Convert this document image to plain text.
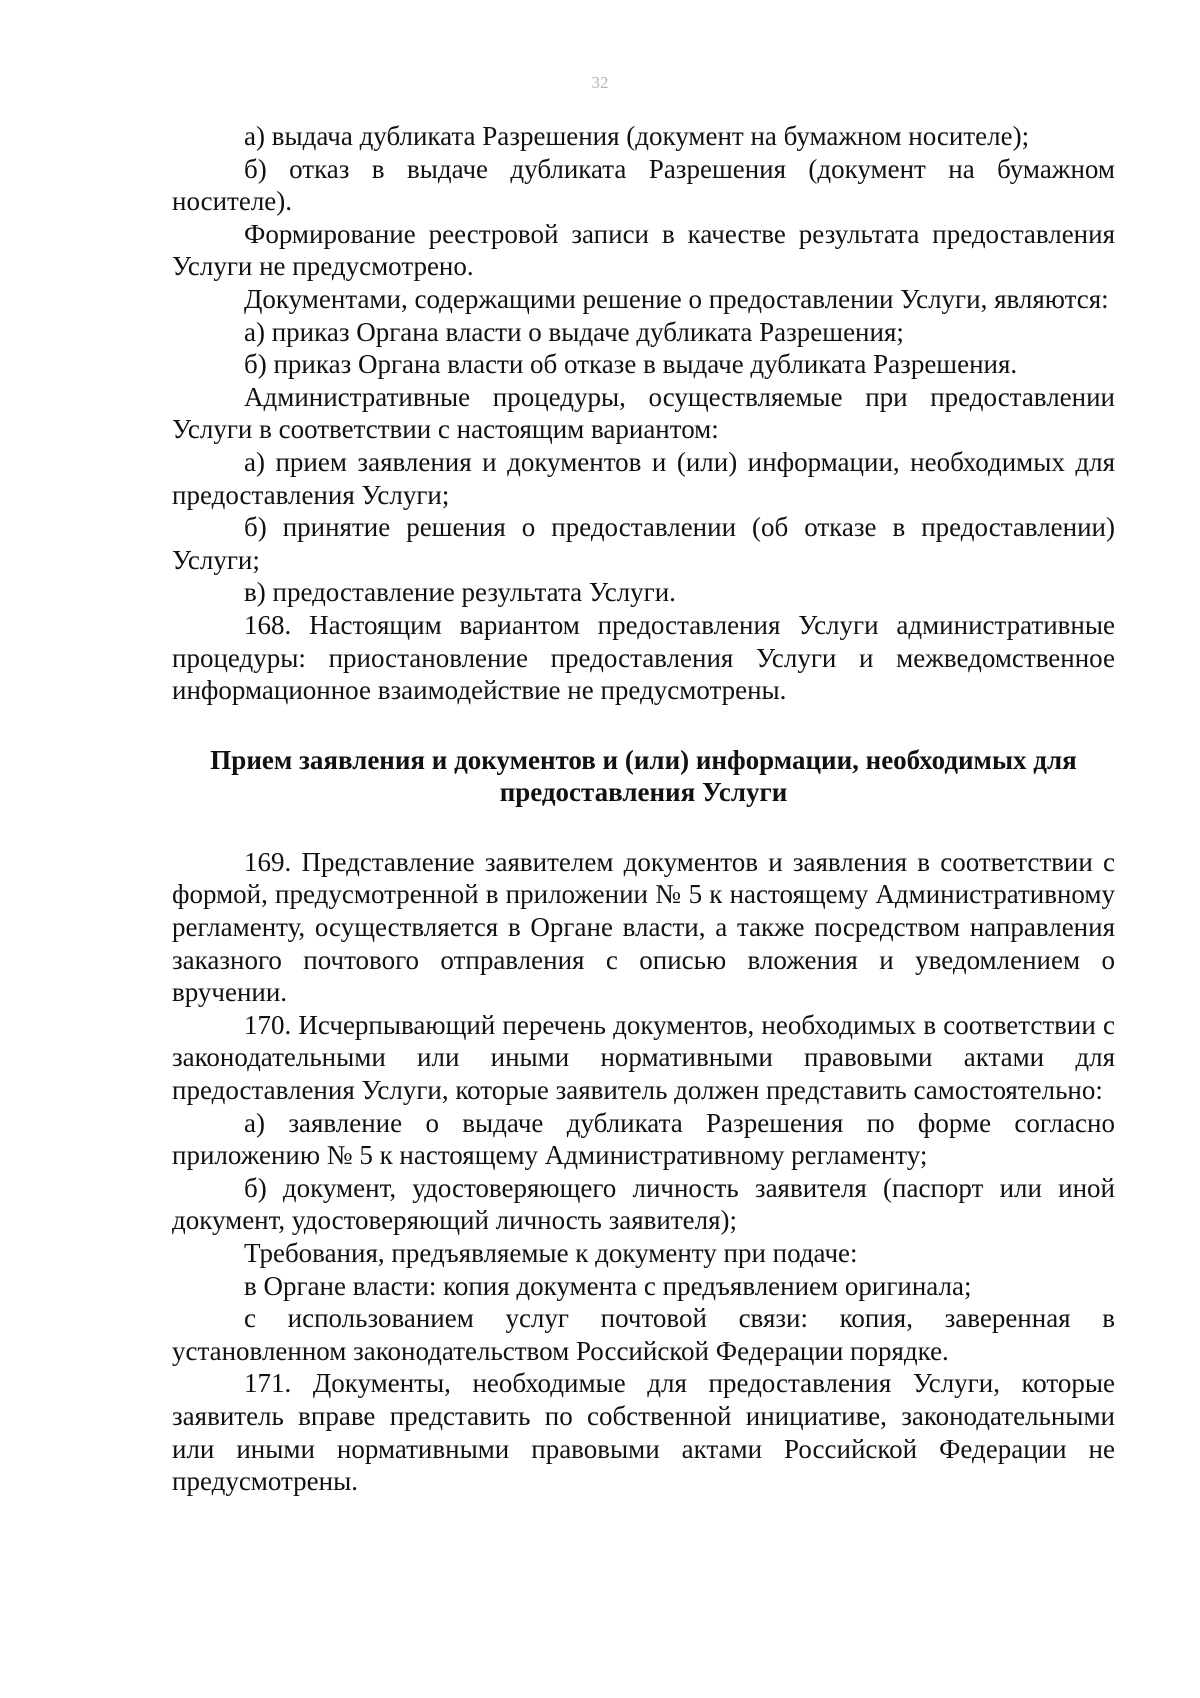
32

а) выдача дубликата Разрешения (документ на бумажном носителе);

б) отказ в выдаче дубликата Разрешения (документ на бумажном носителе).

Формирование реестровой записи в качестве результата предоставления Услуги не предусмотрено.

Документами, содержащими решение о предоставлении Услуги, являются:

а) приказ Органа власти о выдаче дубликата Разрешения;

б) приказ Органа власти об отказе в выдаче дубликата Разрешения.

Административные процедуры, осуществляемые при предоставлении Услуги в соответствии с настоящим вариантом:

а) прием заявления и документов и (или) информации, необходимых для предоставления Услуги;

б) принятие решения о предоставлении (об отказе в предоставлении) Услуги;

в) предоставление результата Услуги.

168. Настоящим вариантом предоставления Услуги административные процедуры: приостановление предоставления Услуги и межведомственное информационное взаимодействие не предусмотрены.

Прием заявления и документов и (или) информации, необходимых для предоставления Услуги

169. Представление заявителем документов и заявления в соответствии с формой, предусмотренной в приложении № 5 к настоящему Административному регламенту, осуществляется в Органе власти, а также посредством направления заказного почтового отправления с описью вложения и уведомлением о вручении.

170. Исчерпывающий перечень документов, необходимых в соответствии с законодательными или иными нормативными правовыми актами для предоставления Услуги, которые заявитель должен представить самостоятельно:

а) заявление о выдаче дубликата Разрешения по форме согласно приложению № 5 к настоящему Административному регламенту;

б) документ, удостоверяющего личность заявителя (паспорт или иной документ, удостоверяющий личность заявителя);

Требования, предъявляемые к документу при подаче:

в Органе власти: копия документа с предъявлением оригинала;

с использованием услуг почтовой связи: копия, заверенная в установленном законодательством Российской Федерации порядке.

171. Документы, необходимые для предоставления Услуги, которые заявитель вправе представить по собственной инициативе, законодательными или иными нормативными правовыми актами Российской Федерации не предусмотрены.
